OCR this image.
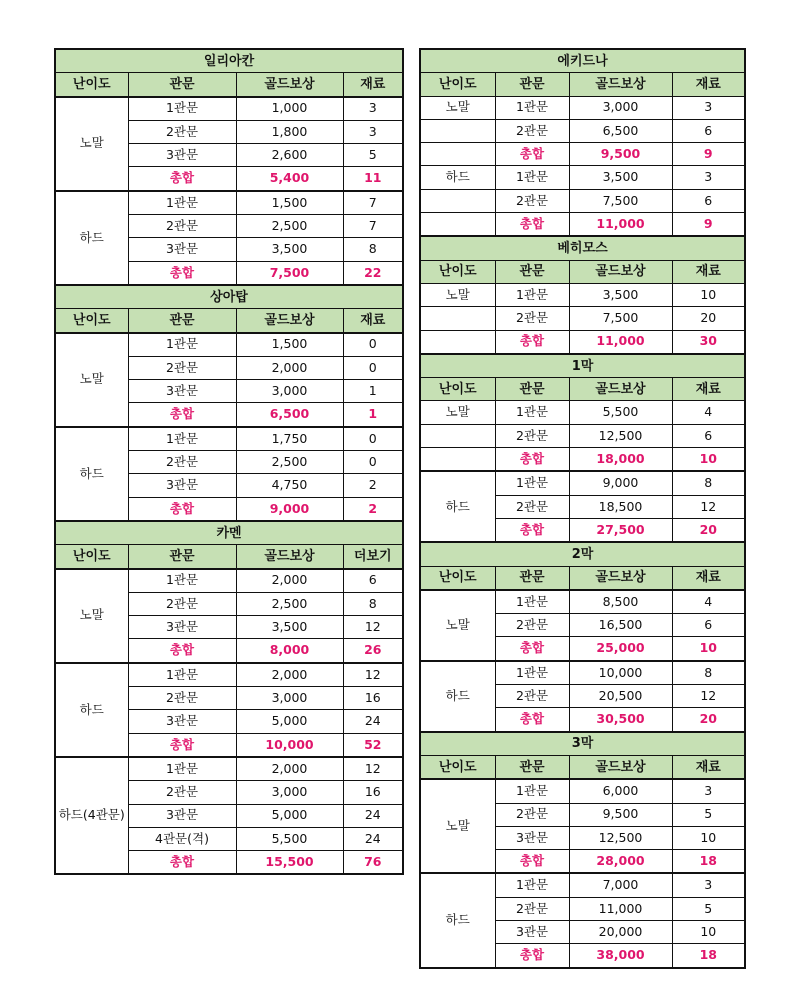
일리아칸			
난이도	관문	골드보상	재료
노말	1관문	1,000	3
	2관문	1,800	3
	3관문	2,600	5
	총합	5,400	11
하드	1관문	1,500	7
	2관문	2,500	7
	3관문	3,500	8
	총합	7,500	22
상아탑			
난이도	관문	골드보상	재료
노말	1관문	1,500	0
	2관문	2,000	0
	3관문	3,000	1
	총합	6,500	1
하드	1관문	1,750	0
	2관문	2,500	0
	3관문	4,750	2
	총합	9,000	2
카멘			
난이도	관문	골드보상	더보기
노말	1관문	2,000	6
	2관문	2,500	8
	3관문	3,500	12
	총합	8,000	26
하드	1관문	2,000	12
	2관문	3,000	16
	3관문	5,000	24
	총합	10,000	52
하드(4관문)	1관문	2,000	12
	2관문	3,000	16
	3관문	5,000	24
	4관문(격)	5,500	24
	총합	15,500	76
에키드나			
난이도	관문	골드보상	재료
노말	1관문	3,000	3
	2관문	6,500	6
	총합	9,500	9
하드	1관문	3,500	3
	2관문	7,500	6
	총합	11,000	9
베히모스			
난이도	관문	골드보상	재료
노말	1관문	3,500	10
	2관문	7,500	20
	총합	11,000	30
1막			
난이도	관문	골드보상	재료
노말	1관문	5,500	4
	2관문	12,500	6
	총합	18,000	10
하드	1관문	9,000	8
	2관문	18,500	12
	총합	27,500	20
2막			
난이도	관문	골드보상	재료
노말	1관문	8,500	4
	2관문	16,500	6
	총합	25,000	10
하드	1관문	10,000	8
	2관문	20,500	12
	총합	30,500	20
3막			
난이도	관문	골드보상	재료
노말	1관문	6,000	3
	2관문	9,500	5
	3관문	12,500	10
	총합	28,000	18
하드	1관문	7,000	3
	2관문	11,000	5
	3관문	20,000	10
	총합	38,000	18
